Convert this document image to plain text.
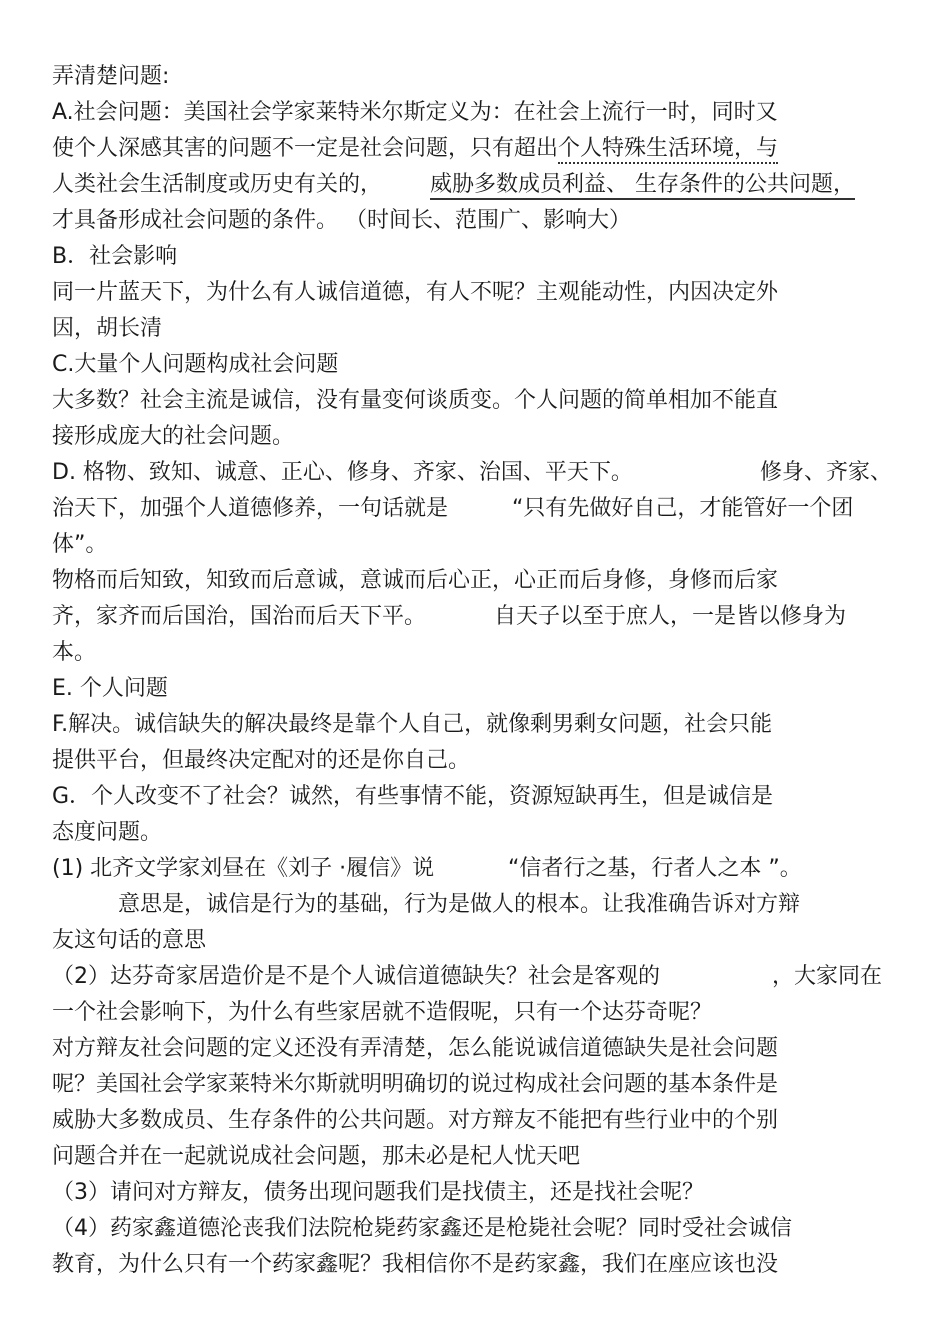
弄清楚问题:
A.社会问题：美国社会学家莱特米尔斯定义为：在社会上流行一时，同时又
使个人深感其害的问题不一定是社会问题，只有超出个人特殊生活环境，与
人类社会生活制度或历史有关的， 威胁多数成员利益、 生存条件的公共问题，
才具备形成社会问题的条件。 （时间长、范围广、影响大）
B．社会影响
同一片蓝天下，为什么有人诚信道德，有人不呢？主观能动性，内因决定外
因，胡长清
C.大量个人问题构成社会问题
大多数？社会主流是诚信，没有量变何谈质变。个人问题的简单相加不能直
接形成庞大的社会问题。
D. 格物、致知、诚意、正心、修身、齐家、治国、平天下。	修身、齐家、
治天下，加强个人道德修养，一句话就是	“只有先做好自己，才能管好一个团
体”。
物格而后知致，知致而后意诚，意诚而后心正，心正而后身修，身修而后家
齐，家齐而后国治，国治而后天下平。	自天子以至于庶人，一是皆以修身为
本。
E. 个人问题
F.解决。诚信缺失的解决最终是靠个人自己，就像剩男剩女问题，社会只能
提供平台，但最终决定配对的还是你自己。
G．个人改变不了社会？诚然，有些事情不能，资源短缺再生，但是诚信是
态度问题。
(1) 北齐文学家刘昼在《刘子 ·履信》说	“信者行之基，行者人之本 ”。
意思是，诚信是行为的基础，行为是做人的根本。让我准确告诉对方辩
友这句话的意思
（2）达芬奇家居造价是不是个人诚信道德缺失？社会是客观的	，大家同在
一个社会影响下，为什么有些家居就不造假呢，只有一个达芬奇呢？
对方辩友社会问题的定义还没有弄清楚，怎么能说诚信道德缺失是社会问题
呢？美国社会学家莱特米尔斯就明明确切的说过构成社会问题的基本条件是
威胁大多数成员、生存条件的公共问题。对方辩友不能把有些行业中的个别
问题合并在一起就说成社会问题，那未必是杞人忧天吧
（3）请问对方辩友，债务出现问题我们是找债主，还是找社会呢？
（4）药家鑫道德沦丧我们法院枪毙药家鑫还是枪毙社会呢？同时受社会诚信
教育，为什么只有一个药家鑫呢？我相信你不是药家鑫，我们在座应该也没
